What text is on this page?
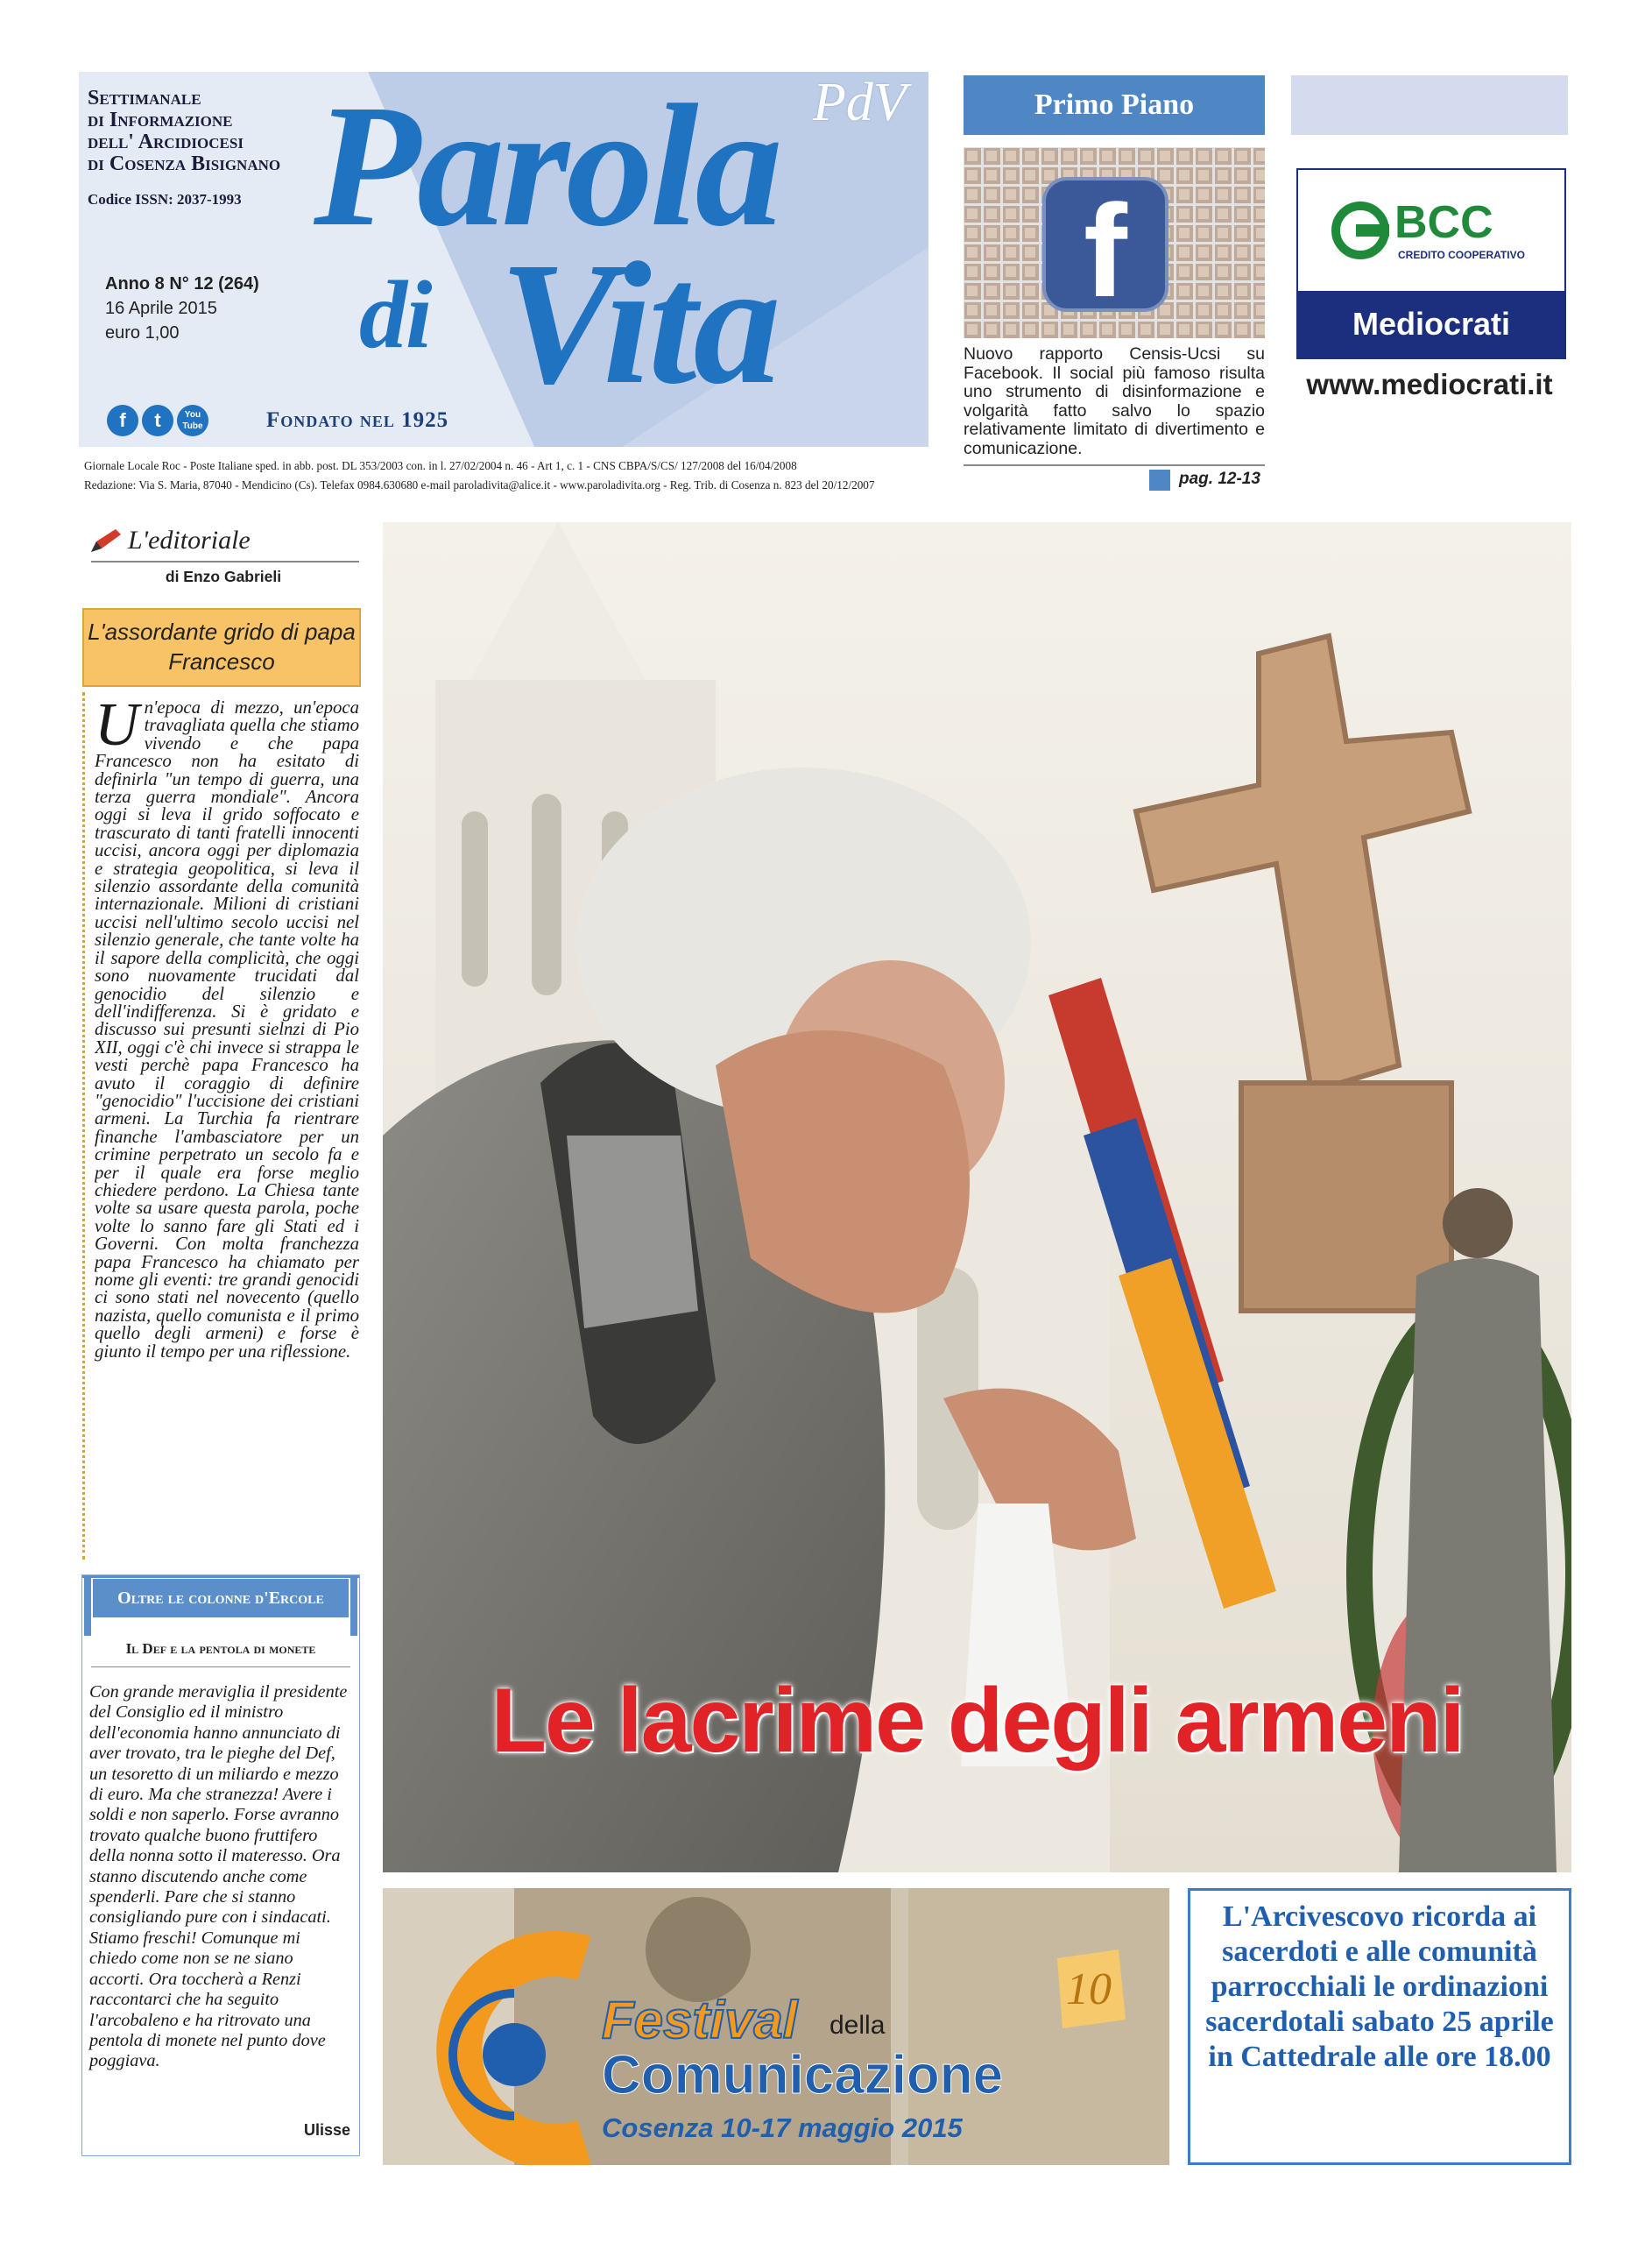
Settimanale
di Informazione
dell' Arcidiocesi
di Cosenza Bisignano
Codice ISSN: 2037-1993
Anno 8 N° 12 (264)
16 Aprile 2015
euro 1,00
Parola
di Vita
PdV
f	t	You Tube	Fondato nel 1925
Giornale Locale Roc - Poste Italiane sped. in abb. post. DL 353/2003 con. in l. 27/02/2004 n. 46 - Art 1, c. 1 - CNS CBPA/S/CS/ 127/2008 del 16/04/2008
Redazione: Via S. Maria, 87040 - Mendicino (Cs). Telefax 0984.630680 e-mail paroladivita@alice.it - www.paroladivita.org - Reg. Trib. di Cosenza n. 823 del 20/12/2007
Primo Piano
f
Nuovo rapporto Censis-Ucsi su Facebook. Il social più famoso risulta uno strumento di disinformazione e volgarità fatto salvo lo spazio relativamente limitato di divertimento e comunicazione.
pag. 12-13
BCC
CREDITO COOPERATIVO
Mediocrati
www.mediocrati.it
L'editoriale
di Enzo Gabrieli
L'assordante grido di papa Francesco
Un'epoca di mezzo, un'epoca travagliata quella che stiamo vivendo e che papa Francesco non ha esitato di definirla "un tempo di guerra, una terza guerra mondiale". Ancora oggi si leva il grido soffocato e trascurato di tanti fratelli innocenti uccisi, ancora oggi per diplomazia e strategia geopolitica, si leva il silenzio assordante della comunità internazionale. Milioni di cristiani uccisi nell'ultimo secolo uccisi nel silenzio generale, che tante volte ha il sapore della complicità, che oggi sono nuovamente trucidati dal genocidio del silenzio e dell'indifferenza. Si è gridato e discusso sui presunti sielnzi di Pio XII, oggi c'è chi invece si strappa le vesti perchè papa Francesco ha avuto il coraggio di definire "genocidio" l'uccisione dei cristiani armeni. La Turchia fa rientrare finanche l'ambasciatore per un crimine perpetrato un secolo fa e per il quale era forse meglio chiedere perdono. La Chiesa tante volte sa usare questa parola, poche volte lo sanno fare gli Stati ed i Governi. Con molta franchezza papa Francesco ha chiamato per nome gli eventi: tre grandi genocidi ci sono stati nel novecento (quello nazista, quello comunista e il primo quello degli armeni) e forse è giunto il tempo per una riflessione.
Oltre le colonne d'Ercole
Il Def e la pentola di monete
Con grande meraviglia il presidente del Consiglio ed il ministro dell'economia hanno annunciato di aver trovato, tra le pieghe del Def, un tesoretto di un miliardo e mezzo di euro. Ma che stranezza! Avere i soldi e non saperlo. Forse avranno trovato qualche buono fruttifero della nonna sotto il materesso. Ora stanno discutendo anche come spenderli. Pare che si stanno consigliando pure con i sindacati. Stiamo freschi! Comunque mi chiedo come non se ne siano accorti. Ora toccherà a Renzi raccontarci che ha seguito l'arcobaleno e ha ritrovato una pentola di monete nel punto dove poggiava.
Ulisse
Le lacrime degli armeni
10
Festival della
Comunicazione
Cosenza 10-17 maggio 2015
L'Arcivescovo ricorda ai sacerdoti e alle comunità parrocchiali le ordinazioni sacerdotali sabato 25 aprile in Cattedrale alle ore 18.00
